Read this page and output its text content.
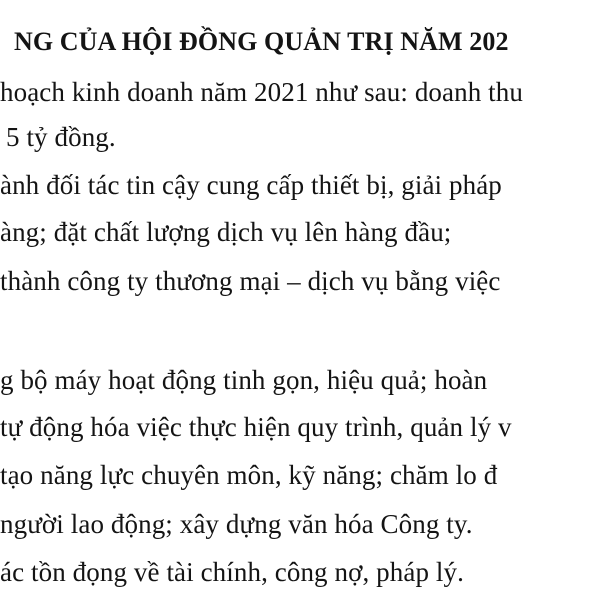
NG CỦA HỘI ĐỒNG QUẢN TRỊ NĂM 202
hoạch kinh doanh năm 2021 như sau: doanh thu
5 tỷ đồng.
ành đối tác tin cậy cung cấp thiết bị, giải pháp
àng; đặt chất lượng dịch vụ lên hàng đầu;
thành công ty thương mại – dịch vụ bằng việc
g bộ máy hoạt động tinh gọn, hiệu quả; hoàn
tự động hóa việc thực hiện quy trình, quản lý v
tạo năng lực chuyên môn, kỹ năng; chăm lo đ
người lao động; xây dựng văn hóa Công ty.
ác tồn đọng về tài chính, công nợ, pháp lý.
